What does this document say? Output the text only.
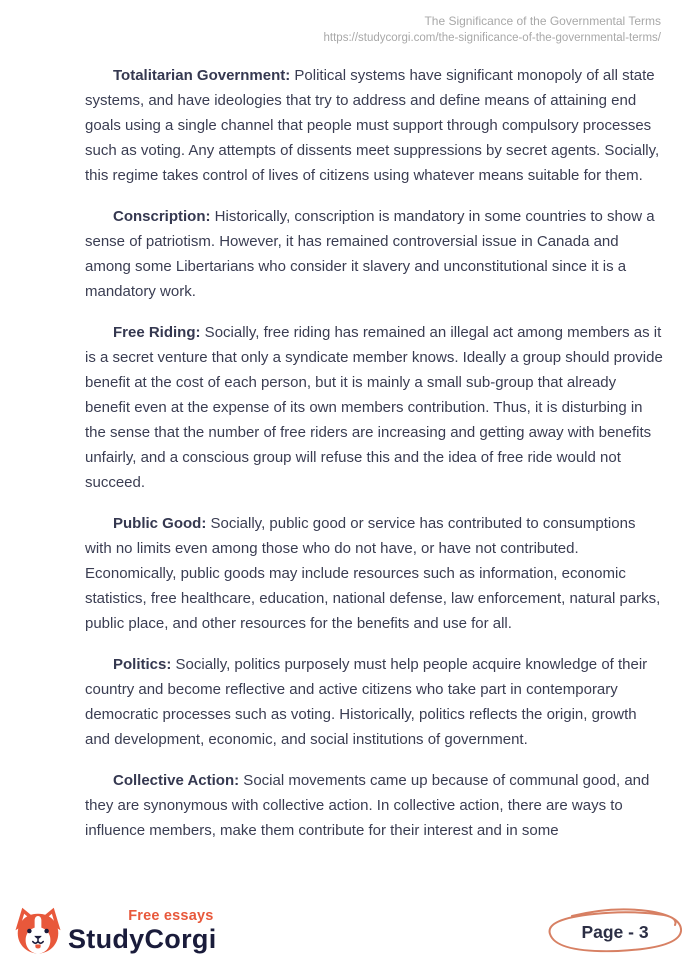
The Significance of the Governmental Terms
https://studycorgi.com/the-significance-of-the-governmental-terms/
Totalitarian Government: Political systems have significant monopoly of all state systems, and have ideologies that try to address and define means of attaining end goals using a single channel that people must support through compulsory processes such as voting. Any attempts of dissents meet suppressions by secret agents. Socially, this regime takes control of lives of citizens using whatever means suitable for them.
Conscription: Historically, conscription is mandatory in some countries to show a sense of patriotism. However, it has remained controversial issue in Canada and among some Libertarians who consider it slavery and unconstitutional since it is a mandatory work.
Free Riding: Socially, free riding has remained an illegal act among members as it is a secret venture that only a syndicate member knows. Ideally a group should provide benefit at the cost of each person, but it is mainly a small sub-group that already benefit even at the expense of its own members contribution. Thus, it is disturbing in the sense that the number of free riders are increasing and getting away with benefits unfairly, and a conscious group will refuse this and the idea of free ride would not succeed.
Public Good: Socially, public good or service has contributed to consumptions with no limits even among those who do not have, or have not contributed. Economically, public goods may include resources such as information, economic statistics, free healthcare, education, national defense, law enforcement, natural parks, public place, and other resources for the benefits and use for all.
Politics: Socially, politics purposely must help people acquire knowledge of their country and become reflective and active citizens who take part in contemporary democratic processes such as voting. Historically, politics reflects the origin, growth and development, economic, and social institutions of government.
Collective Action: Social movements came up because of communal good, and they are synonymous with collective action. In collective action, there are ways to influence members, make them contribute for their interest and in some
Free essays
StudyCorgi	Page - 3
